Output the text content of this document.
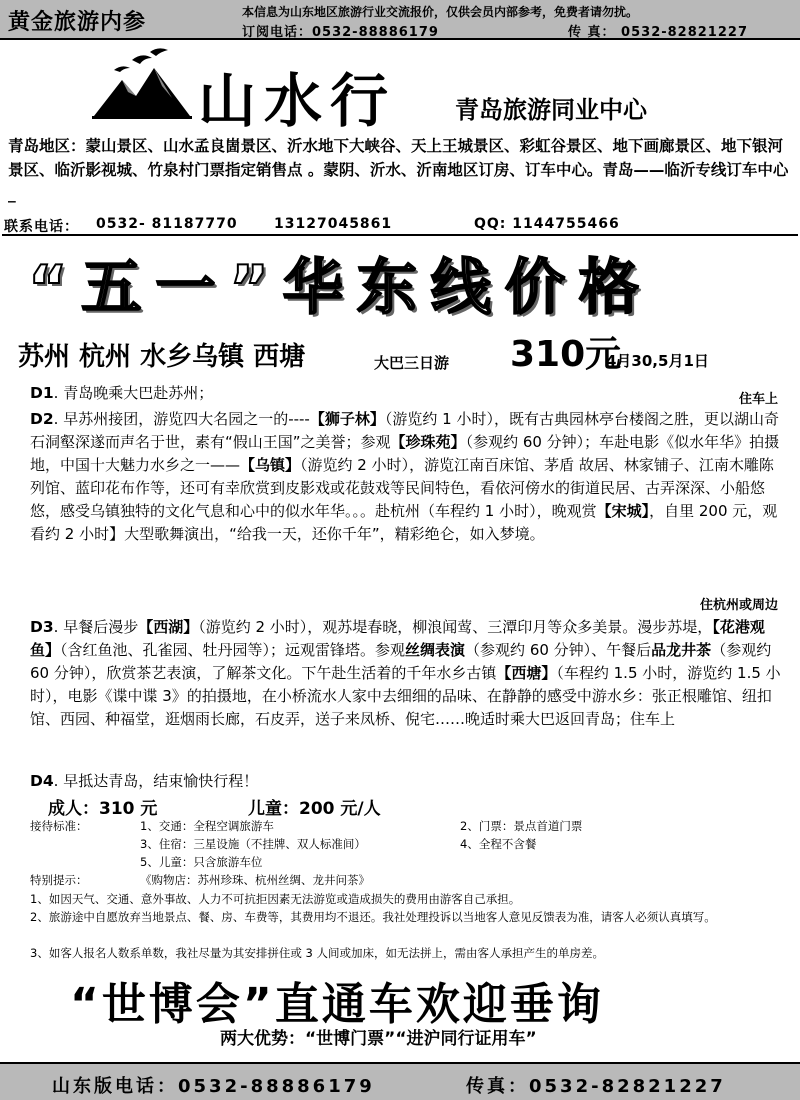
黄金旅游内参	本信息为山东地区旅游行业交流报价，仅供会员内部参考，免费者请勿扰。
订阅电话：0532-88886179	传 真： 0532-82821227
山水行 青岛旅游同业中心
青岛地区：蒙山景区、山水孟良崮景区、沂水地下大峡谷、天上王城景区、彩虹谷景区、地下画廊景区、地下银河景区、临沂影视城、竹泉村门票指定销售点 。蒙阴、沂水、沂南地区订房、订车中心。青岛——临沂专线订车中心_
联系电话： 0532- 81187770	13127045861	QQ: 1144755466
“五一”华东线价格
苏州 杭州 水乡乌镇 西塘	大巴三日游 310元
4月30,5月1日
D1. 青岛晚乘大巴赴苏州；	住车上
D2. 早苏州接团，游览四大名园之一的----【狮子林】（游览约 1 小时），既有古典园林亭台楼阁之胜，更以湖山奇石洞壑深遂而声名于世，素有“假山王国”之美誉；参观【珍珠苑】（参观约 60 分钟）；车赴电影《似水年华》拍摄地，中国十大魅力水乡之一——【乌镇】（游览约 2 小时），游览江南百床馆、茅盾 故居、林家铺子、江南木雕陈列馆、蓝印花布作等，还可有幸欣赏到皮影戏或花鼓戏等民间特色，看依河傍水的街道民居、古弄深深、小船悠悠，感受乌镇独特的文化气息和心中的似水年华。。。赴杭州（车程约 1 小时），晚观赏【宋城】，自里 200 元，观看约 2 小时】大型歌舞演出，“给我一天，还你千年”，精彩绝仑，如入梦境。
住杭州或周边
D3. 早餐后漫步【西湖】（游览约 2 小时），观苏堤春晓，柳浪闻莺、三潭印月等众多美景。漫步苏堤，【花港观鱼】（含红鱼池、孔雀园、牡丹园等）；远观雷锋塔。参观丝绸表演（参观约 60 分钟）、午餐后品龙井茶（参观约 60 分钟），欣赏茶艺表演，了解茶文化。下午赴生活着的千年水乡古镇【西塘】（车程约 1.5 小时，游览约 1.5 小时），电影《谍中谍 3》的拍摄地，在小桥流水人家中去细细的品味、在静静的感受中游水乡：张正根雕馆、纽扣馆、西园、种福堂，逛烟雨长廊，石皮弄，送子来凤桥、倪宅……晚适时乘大巴返回青岛；住车上
D4. 早抵达青岛，结束愉快行程！
成人：310 元	儿童：200 元/人
接待标准：	1、交通：全程空调旅游车	2、门票：景点首道门票
3、住宿：三星设施（不挂牌、双人标准间）	4、全程不含餐
5、儿童：只含旅游车位
特别提示：	《购物店：苏州珍珠、杭州丝绸、龙井问茶》
1、如因天气、交通、意外事故、人力不可抗拒因素无法游览或造成损失的费用由游客自己承担。
2、旅游途中自愿放弃当地景点、餐、房、车费等，其费用均不退还。我社处理投诉以当地客人意见反馈表为准，请客人必须认真填写。
3、如客人报名人数系单数，我社尽量为其安排拼住或 3 人间或加床，如无法拼上，需由客人承担产生的单房差。
“世博会”直通车欢迎垂询
两大优势：“世博门票”“进沪同行证用车”
山东版电话：0532-88886179	传真：0532-82821227
